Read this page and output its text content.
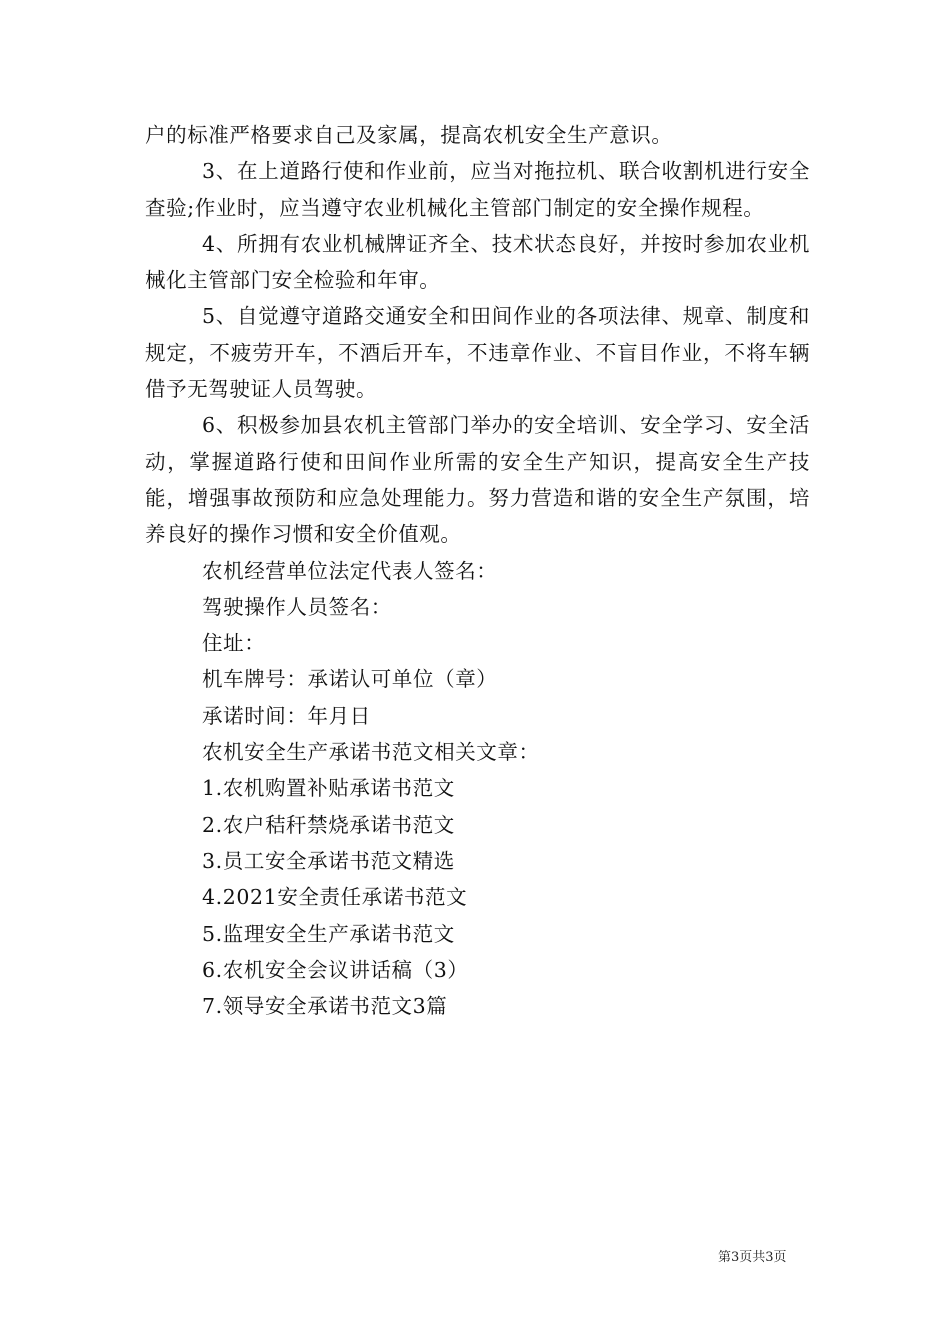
户的标准严格要求自己及家属，提高农机安全生产意识。

3、在上道路行使和作业前，应当对拖拉机、联合收割机进行安全查验;作业时，应当遵守农业机械化主管部门制定的安全操作规程。

4、所拥有农业机械牌证齐全、技术状态良好，并按时参加农业机械化主管部门安全检验和年审。

5、自觉遵守道路交通安全和田间作业的各项法律、规章、制度和规定，不疲劳开车，不酒后开车，不违章作业、不盲目作业，不将车辆借予无驾驶证人员驾驶。

6、积极参加县农机主管部门举办的安全培训、安全学习、安全活动，掌握道路行使和田间作业所需的安全生产知识，提高安全生产技能，增强事故预防和应急处理能力。努力营造和谐的安全生产氛围，培养良好的操作习惯和安全价值观。

农机经营单位法定代表人签名：

驾驶操作人员签名：

住址：

机车牌号：承诺认可单位（章）

承诺时间：年月日

农机安全生产承诺书范文相关文章：

1.农机购置补贴承诺书范文

2.农户秸秆禁烧承诺书范文

3.员工安全承诺书范文精选

4.2021安全责任承诺书范文

5.监理安全生产承诺书范文

6.农机安全会议讲话稿（3）

7.领导安全承诺书范文3篇

第3页共3页
